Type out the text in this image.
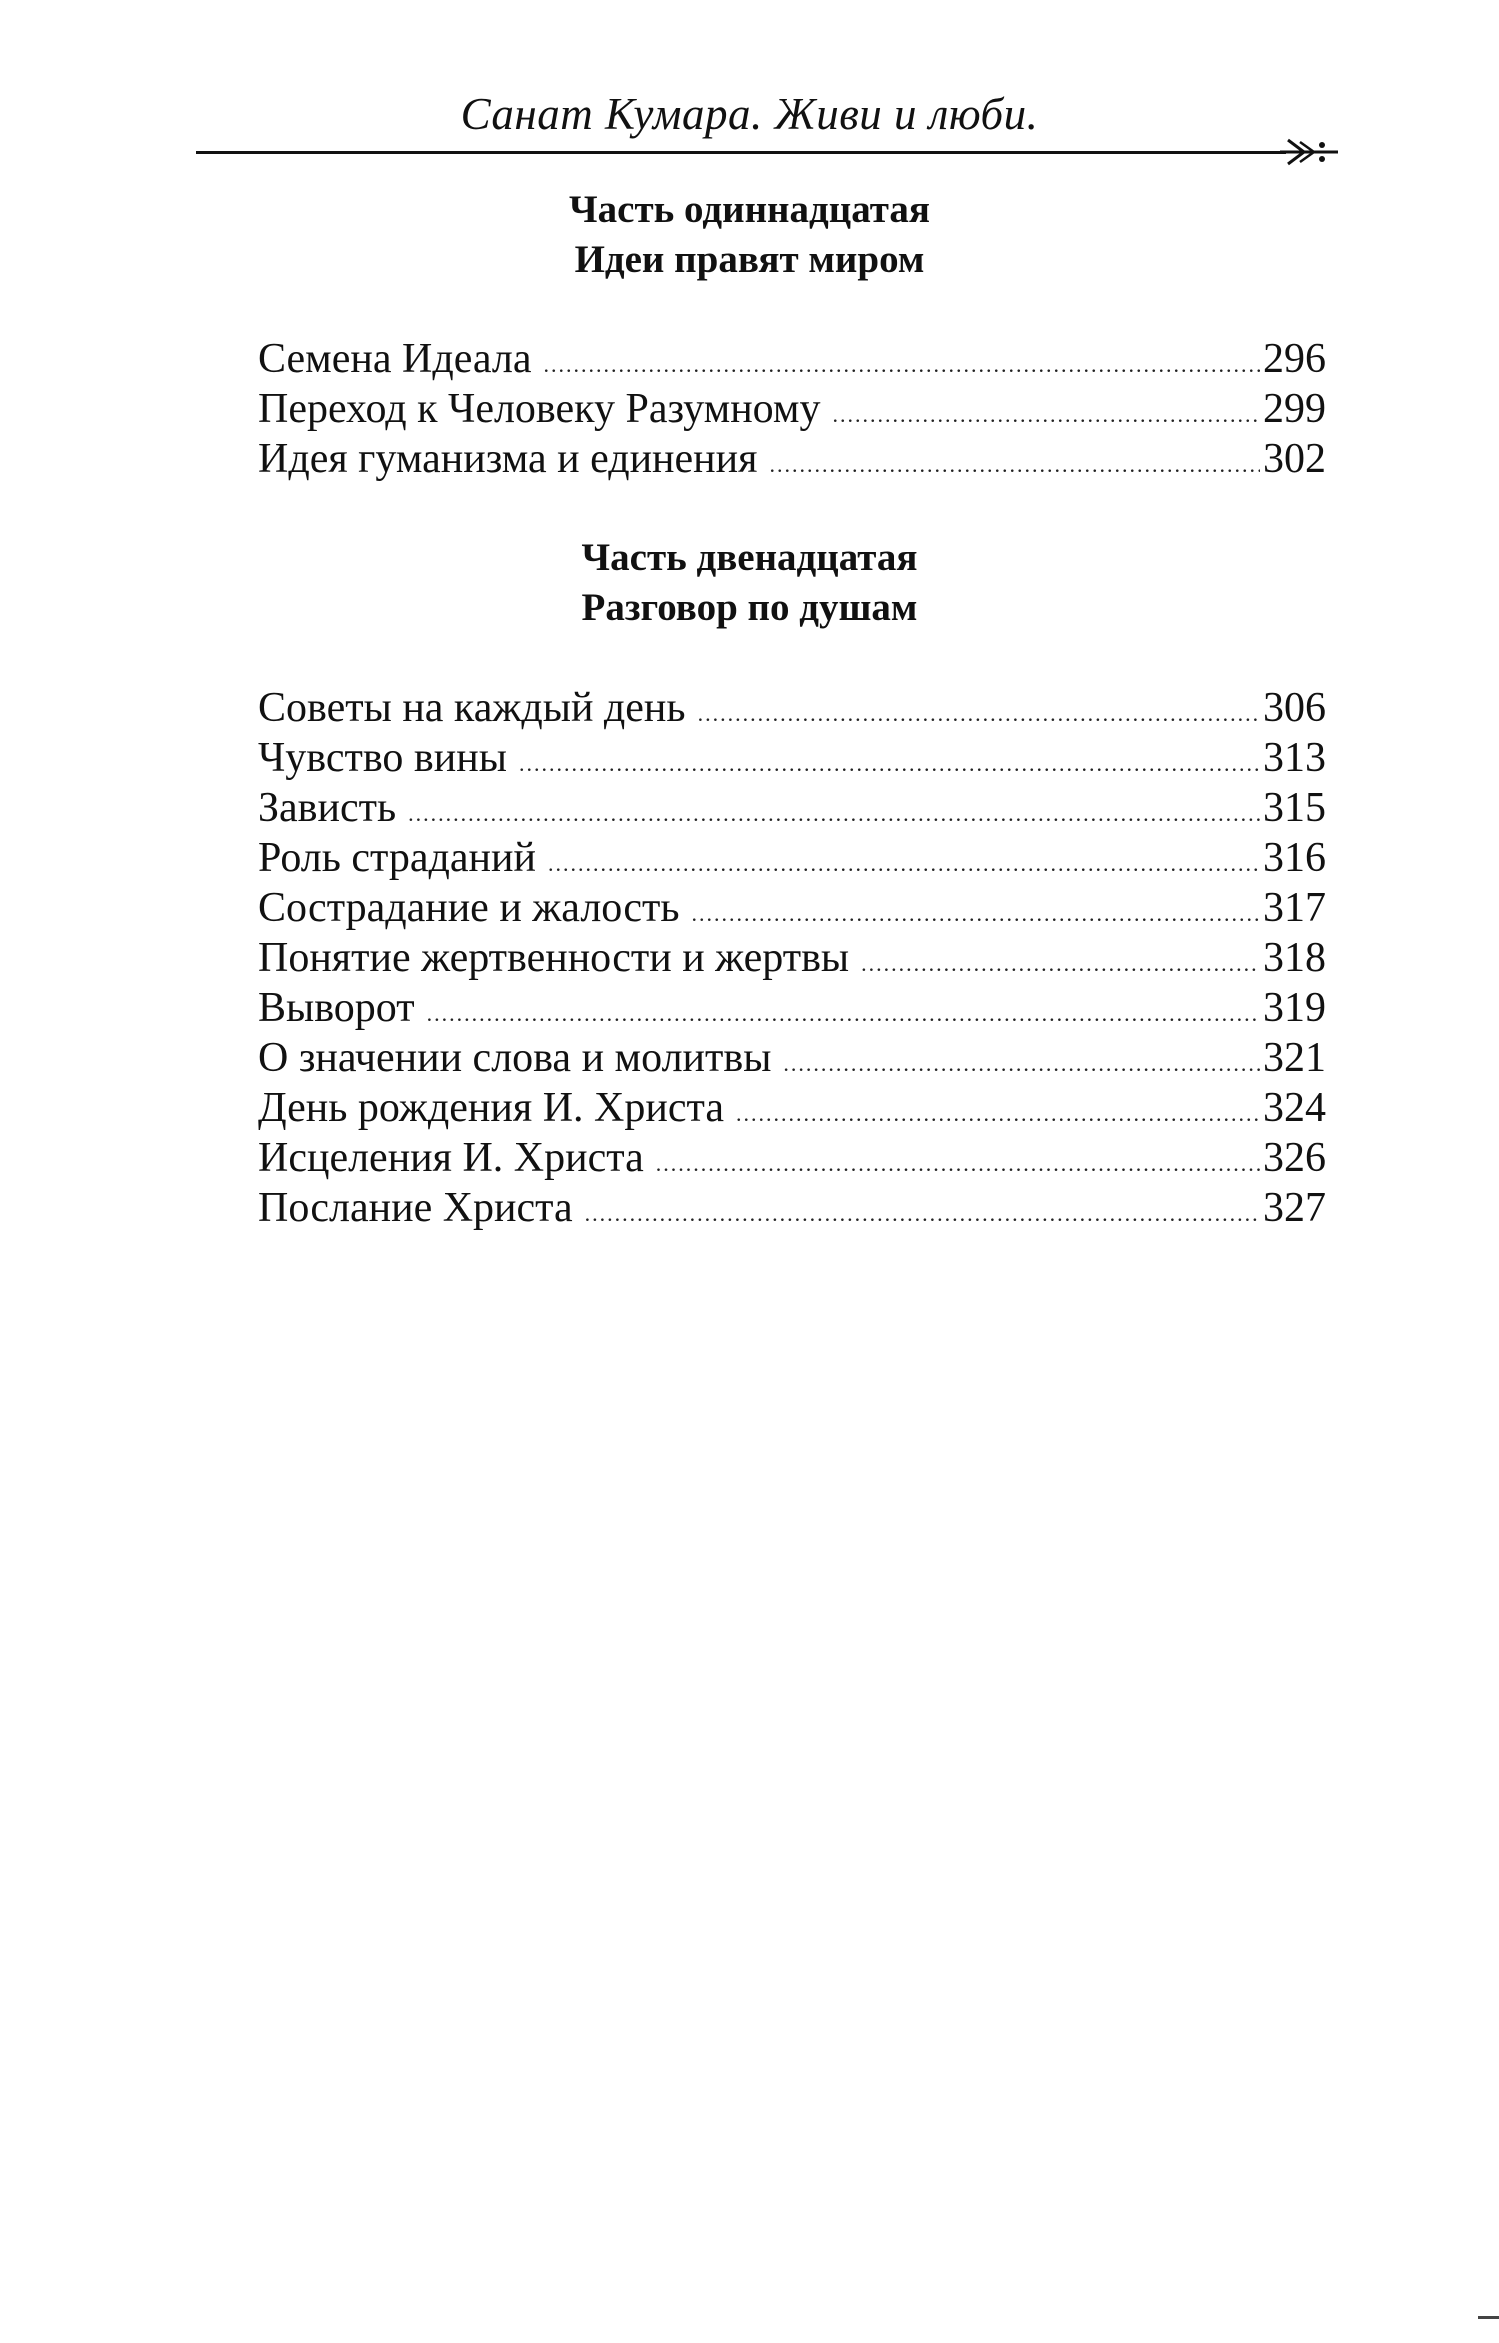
Санат Кумара. Живи и люби.
Часть одиннадцатая
Идеи правят миром
Семена Идеала .....	296
Переход к Человеку Разумному .....	299
Идея гуманизма и единения .....	302
Часть двенадцатая
Разговор по душам
Советы на каждый день .....	306
Чувство вины .....	313
Зависть .....	315
Роль страданий .....	316
Сострадание и жалость .....	317
Понятие жертвенности и жертвы .....	318
Выворот .....	319
О значении слова и молитвы .....	321
День рождения И. Христа .....	324
Исцеления И. Христа .....	326
Послание Христа .....	327
